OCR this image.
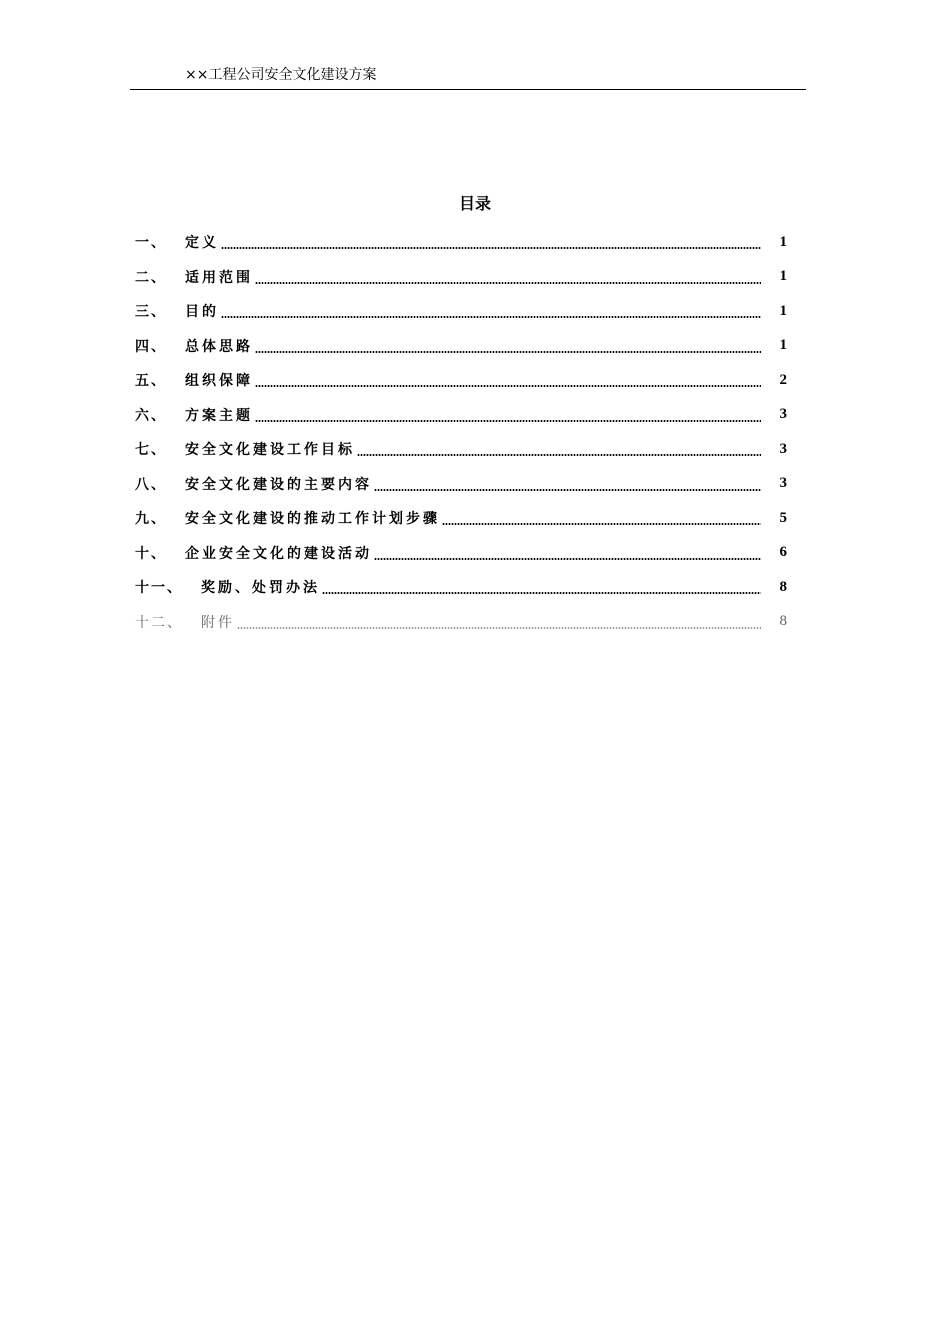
××工程公司安全文化建设方案
目录
一、	定义	1
二、	适用范围	1
三、	目的	1
四、	总体思路	1
五、	组织保障	2
六、	方案主题	3
七、	安全文化建设工作目标	3
八、	安全文化建设的主要内容	3
九、	安全文化建设的推动工作计划步骤	5
十、	企业安全文化的建设活动	6
十一、	奖励、处罚办法	8
十二、	附件	8
